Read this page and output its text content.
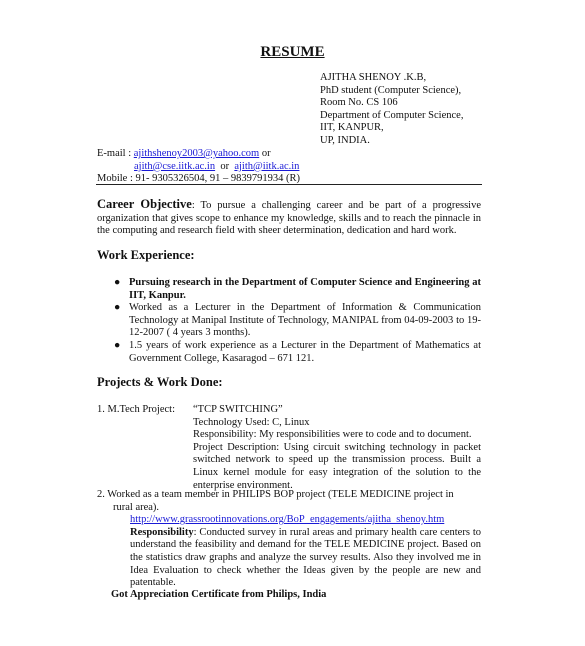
RESUME
AJITHA SHENOY .K.B,
PhD student (Computer Science),
Room No. CS 106
Department of Computer Science,
IIT, KANPUR,
UP, INDIA.
E-mail : ajithshenoy2003@yahoo.com or
ajith@cse.iitk.ac.in or ajith@iitk.ac.in
Mobile : 91- 9305326504, 91 – 9839791934 (R)
Career Objective: To pursue a challenging career and be part of a progressive organization that gives scope to enhance my knowledge, skills and to reach the pinnacle in the computing and research field with sheer determination, dedication and hard work.
Work Experience:
● Pursuing research in the Department of Computer Science and Engineering at IIT, Kanpur.
● Worked as a Lecturer in the Department of Information & Communication Technology at Manipal Institute of Technology, MANIPAL from 04-09-2003 to 19-12-2007 ( 4 years 3 months).
● 1.5 years of work experience as a Lecturer in the Department of Mathematics at Government College, Kasaragod – 671 121.
Projects & Work Done:
1. M.Tech Project: “TCP SWITCHING”
Technology Used: C, Linux
Responsibility: My responsibilities were to code and to document.
Project Description: Using circuit switching technology in packet switched network to speed up the transmission process. Built a Linux kernel module for easy integration of the solution to the enterprise environment.
2. Worked as a team member in PHILIPS BOP project (TELE MEDICINE project in
rural area).
http://www.grassrootinnovations.org/BoP_engagements/ajitha_shenoy.htm
Responsibility: Conducted survey in rural areas and primary health care centers to understand the feasibility and demand for the TELE MEDICINE project. Based on the statistics draw graphs and analyze the survey results. Also they involved me in Idea Evaluation to check whether the Ideas given by the people are new and patentable.
Got Appreciation Certificate from Philips, India
